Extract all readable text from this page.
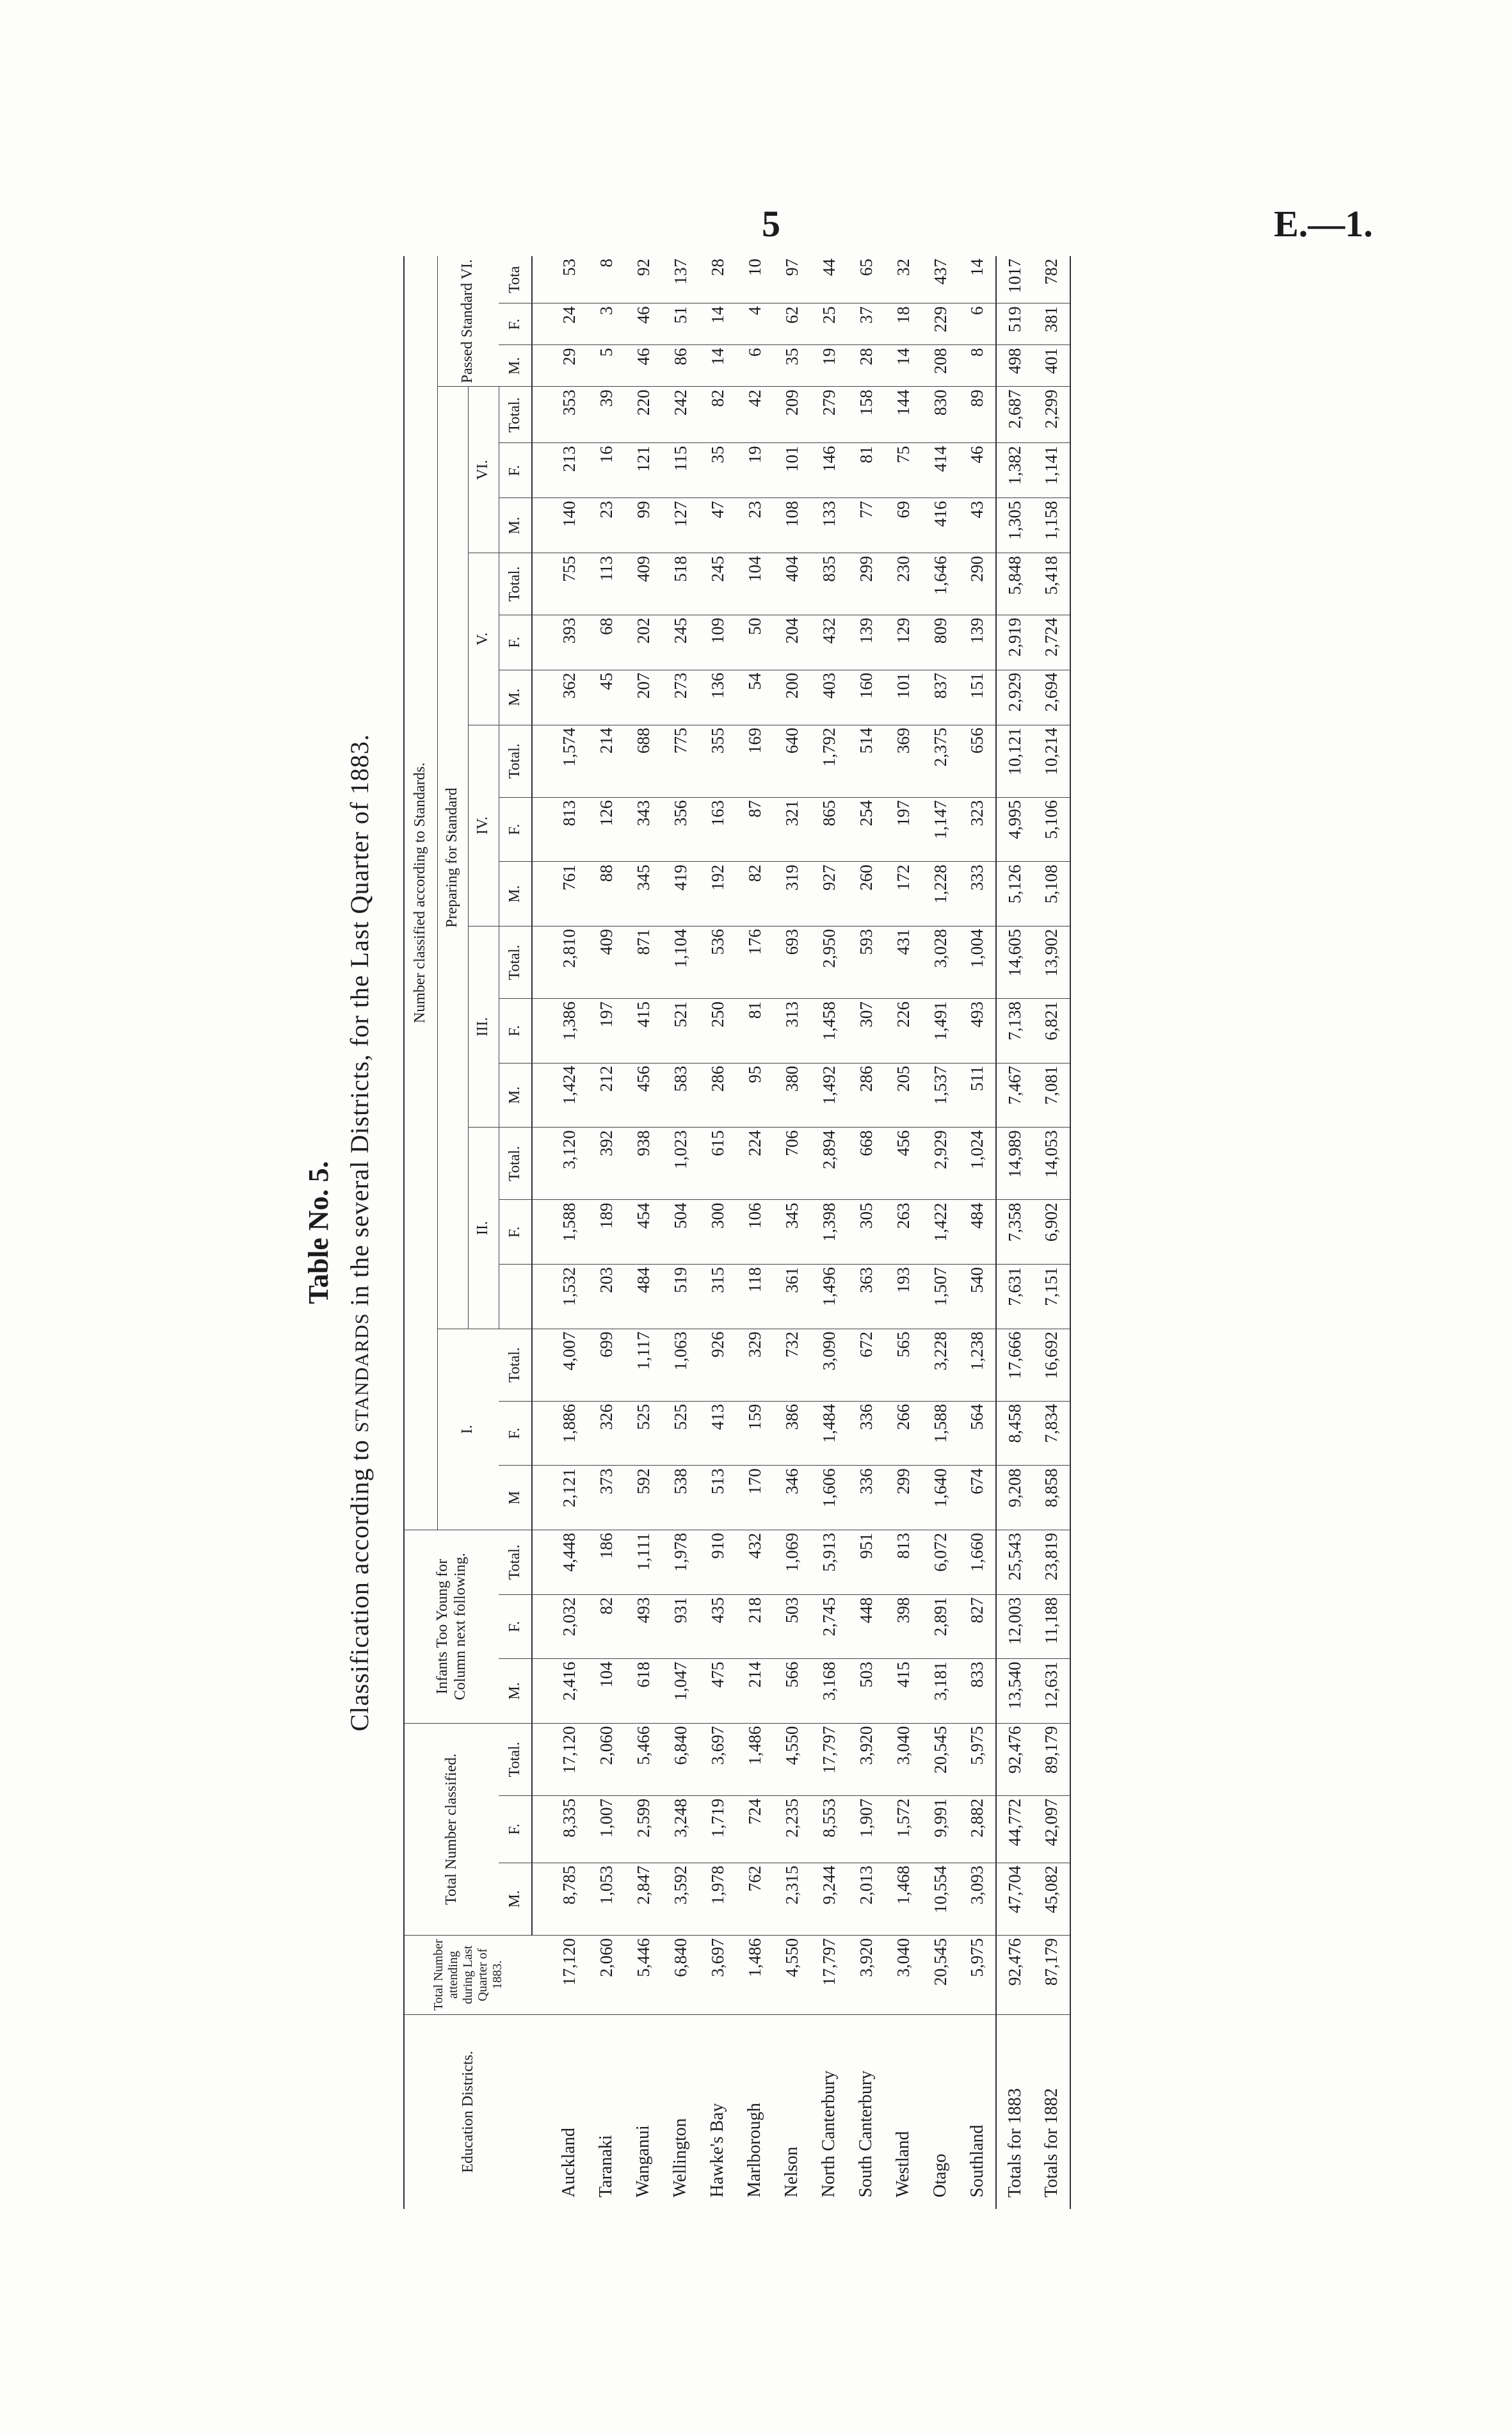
5	E.—1.
Table No. 5.
Classification according to STANDARDS in the several Districts, for the Last Quarter of 1883.
Education Districts.	Total Number attending during Last Quarter of 1883.	Total Number classified.			Infants Too Young for Column next following.			Number classified according to Standards.																				
								I.			Preparing for Standard															Passed Standard VI.		
											II.			III.			IV.			V.			VI.					
		M.	F.	Total.	M.	F.	Total.	M	F.	Total.		F.	Total.	M.	F.	Total.	M.	F.	Total.	M.	F.	Total.	M.	F.	Total.	M.	F.	Tota

Auckland	17,120	8,785	8,335	17,120	2,416	2,032	4,448	2,121	1,886	4,007	1,532	1,588	3,120	1,424	1,386	2,810	761	813	1,574	362	393	755	140	213	353	29	24	53
Taranaki	2,060	1,053	1,007	2,060	104	82	186	373	326	699	203	189	392	212	197	409	88	126	214	45	68	113	23	16	39	5	3	8
Wanganui	5,446	2,847	2,599	5,466	618	493	1,111	592	525	1,117	484	454	938	456	415	871	345	343	688	207	202	409	99	121	220	46	46	92
Wellington	6,840	3,592	3,248	6,840	1,047	931	1,978	538	525	1,063	519	504	1,023	583	521	1,104	419	356	775	273	245	518	127	115	242	86	51	137
Hawke's Bay	3,697	1,978	1,719	3,697	475	435	910	513	413	926	315	300	615	286	250	536	192	163	355	136	109	245	47	35	82	14	14	28
Marlborough	1,486	762	724	1,486	214	218	432	170	159	329	118	106	224	95	81	176	82	87	169	54	50	104	23	19	42	6	4	10
Nelson	4,550	2,315	2,235	4,550	566	503	1,069	346	386	732	361	345	706	380	313	693	319	321	640	200	204	404	108	101	209	35	62	97
North Canterbury	17,797	9,244	8,553	17,797	3,168	2,745	5,913	1,606	1,484	3,090	1,496	1,398	2,894	1,492	1,458	2,950	927	865	1,792	403	432	835	133	146	279	19	25	44
South Canterbury	3,920	2,013	1,907	3,920	503	448	951	336	336	672	363	305	668	286	307	593	260	254	514	160	139	299	77	81	158	28	37	65
Westland	3,040	1,468	1,572	3,040	415	398	813	299	266	565	193	263	456	205	226	431	172	197	369	101	129	230	69	75	144	14	18	32
Otago	20,545	10,554	9,991	20,545	3,181	2,891	6,072	1,640	1,588	3,228	1,507	1,422	2,929	1,537	1,491	3,028	1,228	1,147	2,375	837	809	1,646	416	414	830	208	229	437
Southland	5,975	3,093	2,882	5,975	833	827	1,660	674	564	1,238	540	484	1,024	511	493	1,004	333	323	656	151	139	290	43	46	89	8	6	14
Totals for 1883	92,476	47,704	44,772	92,476	13,540	12,003	25,543	9,208	8,458	17,666	7,631	7,358	14,989	7,467	7,138	14,605	5,126	4,995	10,121	2,929	2,919	5,848	1,305	1,382	2,687	498	519	1017
Totals for 1882	87,179	45,082	42,097	89,179	12,631	11,188	23,819	8,858	7,834	16,692	7,151	6,902	14,053	7,081	6,821	13,902	5,108	5,106	10,214	2,694	2,724	5,418	1,158	1,141	2,299	401	381	782
